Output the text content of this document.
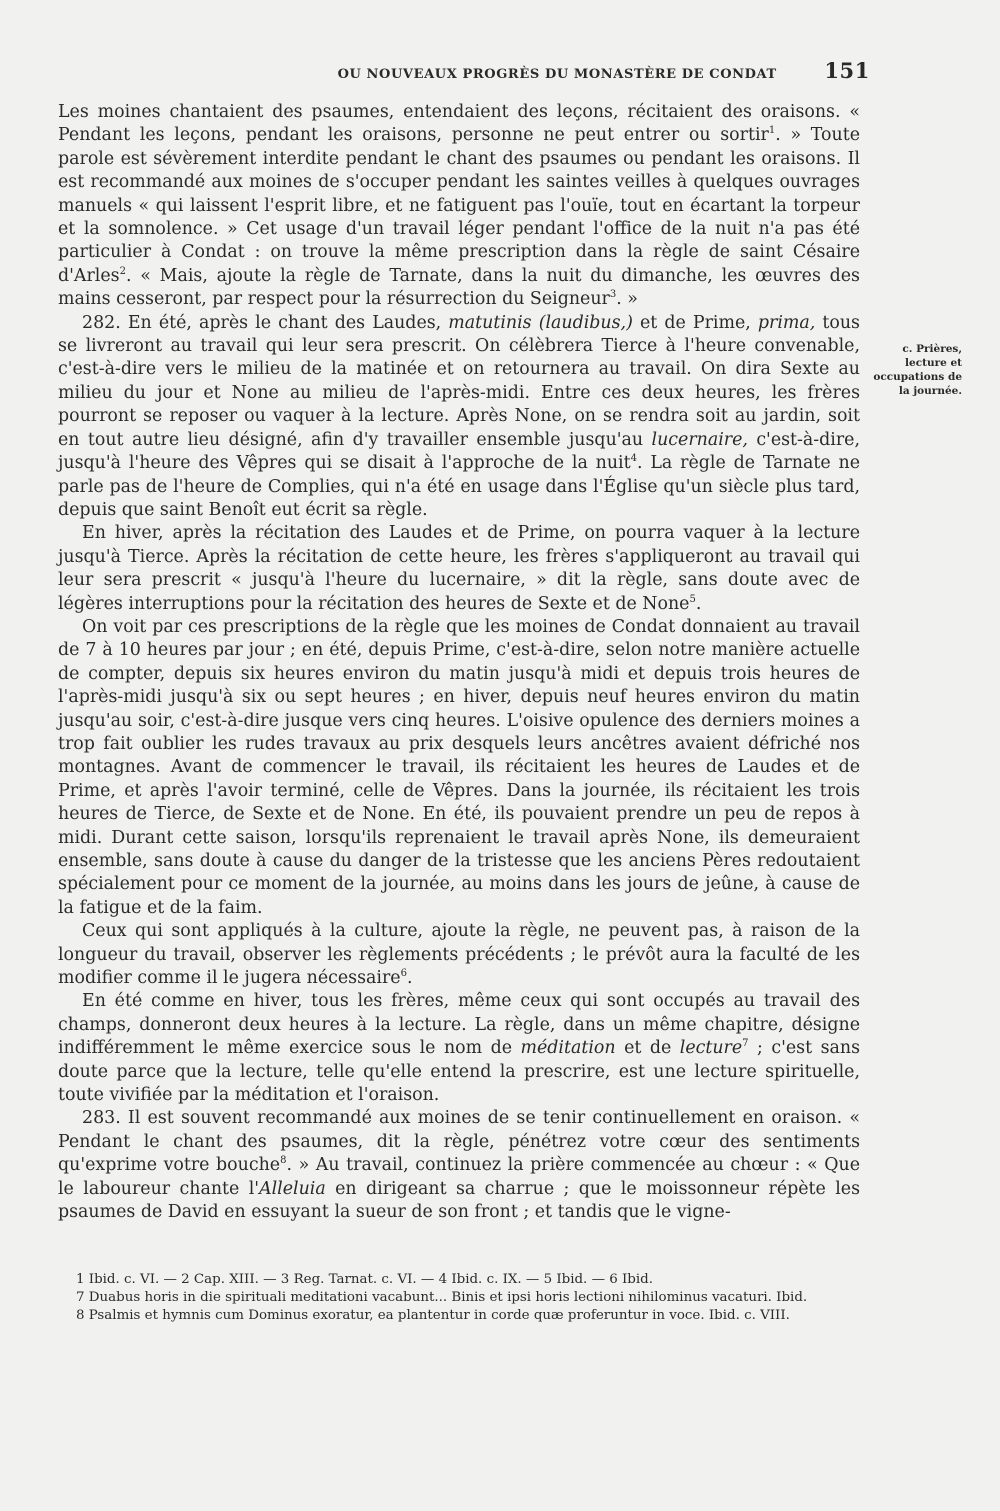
OU NOUVEAUX PROGRÈS DU MONASTÈRE DE CONDAT 151

Les moines chantaient des psaumes, entendaient des leçons, récitaient des oraisons. « Pendant les leçons, pendant les oraisons, personne ne peut entrer ou sortir$^1$. » Toute parole est sévèrement interdite pendant le chant des psaumes ou pendant les oraisons. Il est recommandé aux moines de s'occuper pendant les saintes veilles à quelques ouvrages manuels « qui laissent l'esprit libre, et ne fatiguent pas l'ouïe, tout en écartant la torpeur et la somnolence. » Cet usage d'un travail léger pendant l'office de la nuit n'a pas été particulier à Condat : on trouve la même prescription dans la règle de saint Césaire d'Arles$^2$. « Mais, ajoute la règle de Tarnate, dans la nuit du dimanche, les œuvres des mains cesseront, par respect pour la résurrection du Seigneur$^3$. »

282. En été, après le chant des Laudes, matutinis (laudibus,) et de Prime, prima, tous se livreront au travail qui leur sera prescrit. On célèbrera Tierce à l'heure convenable, c'est-à-dire vers le milieu de la matinée et on retournera au travail. On dira Sexte au milieu du jour et None au milieu de l'après-midi. Entre ces deux heures, les frères pourront se reposer ou vaquer à la lecture. Après None, on se rendra soit au jardin, soit en tout autre lieu désigné, afin d'y travailler ensemble jusqu'au lucernaire, c'est-à-dire, jusqu'à l'heure des Vêpres qui se disait à l'approche de la nuit$^4$. La règle de Tarnate ne parle pas de l'heure de Complies, qui n'a été en usage dans l'Église qu'un siècle plus tard, depuis que saint Benoît eut écrit sa règle.

En hiver, après la récitation des Laudes et de Prime, on pourra vaquer à la lecture jusqu'à Tierce. Après la récitation de cette heure, les frères s'appliqueront au travail qui leur sera prescrit « jusqu'à l'heure du lucernaire, » dit la règle, sans doute avec de légères interruptions pour la récitation des heures de Sexte et de None$^5$.

On voit par ces prescriptions de la règle que les moines de Condat donnaient au travail de 7 à 10 heures par jour ; en été, depuis Prime, c'est-à-dire, selon notre manière actuelle de compter, depuis six heures environ du matin jusqu'à midi et depuis trois heures de l'après-midi jusqu'à six ou sept heures ; en hiver, depuis neuf heures environ du matin jusqu'au soir, c'est-à-dire jusque vers cinq heures. L'oisive opulence des derniers moines a trop fait oublier les rudes travaux au prix desquels leurs ancêtres avaient défriché nos montagnes. Avant de commencer le travail, ils récitaient les heures de Laudes et de Prime, et après l'avoir terminé, celle de Vêpres. Dans la journée, ils récitaient les trois heures de Tierce, de Sexte et de None. En été, ils pouvaient prendre un peu de repos à midi. Durant cette saison, lorsqu'ils reprenaient le travail après None, ils demeuraient ensemble, sans doute à cause du danger de la tristesse que les anciens Pères redoutaient spécialement pour ce moment de la journée, au moins dans les jours de jeûne, à cause de la fatigue et de la faim.

Ceux qui sont appliqués à la culture, ajoute la règle, ne peuvent pas, à raison de la longueur du travail, observer les règlements précédents ; le prévôt aura la faculté de les modifier comme il le jugera nécessaire$^6$.

En été comme en hiver, tous les frères, même ceux qui sont occupés au travail des champs, donneront deux heures à la lecture. La règle, dans un même chapitre, désigne indifféremment le même exercice sous le nom de méditation et de lecture$^7$ ; c'est sans doute parce que la lecture, telle qu'elle entend la prescrire, est une lecture spirituelle, toute vivifiée par la méditation et l'oraison.

283. Il est souvent recommandé aux moines de se tenir continuellement en oraison. « Pendant le chant des psaumes, dit la règle, pénétrez votre cœur des sentiments qu'exprime votre bouche$^8$. » Au travail, continuez la prière commencée au chœur : « Que le laboureur chante l'Alleluia en dirigeant sa charrue ; que le moissonneur répète les psaumes de David en essuyant la sueur de son front ; et tandis que le vigne-

c. Prières, lecture et occupations de la journée.

1 Ibid. c. VI. — 2 Cap. XIII. — 3 Reg. Tarnat. c. VI. — 4 Ibid. c. IX. — 5 Ibid. — 6 Ibid.

7 Duabus horis in die spirituali meditationi vacabunt... Binis et ipsi horis lectioni nihilominus vacaturi. Ibid.

8 Psalmis et hymnis cum Dominus exoratur, ea plantentur in corde quæ proferuntur in voce. Ibid. c. VIII.
